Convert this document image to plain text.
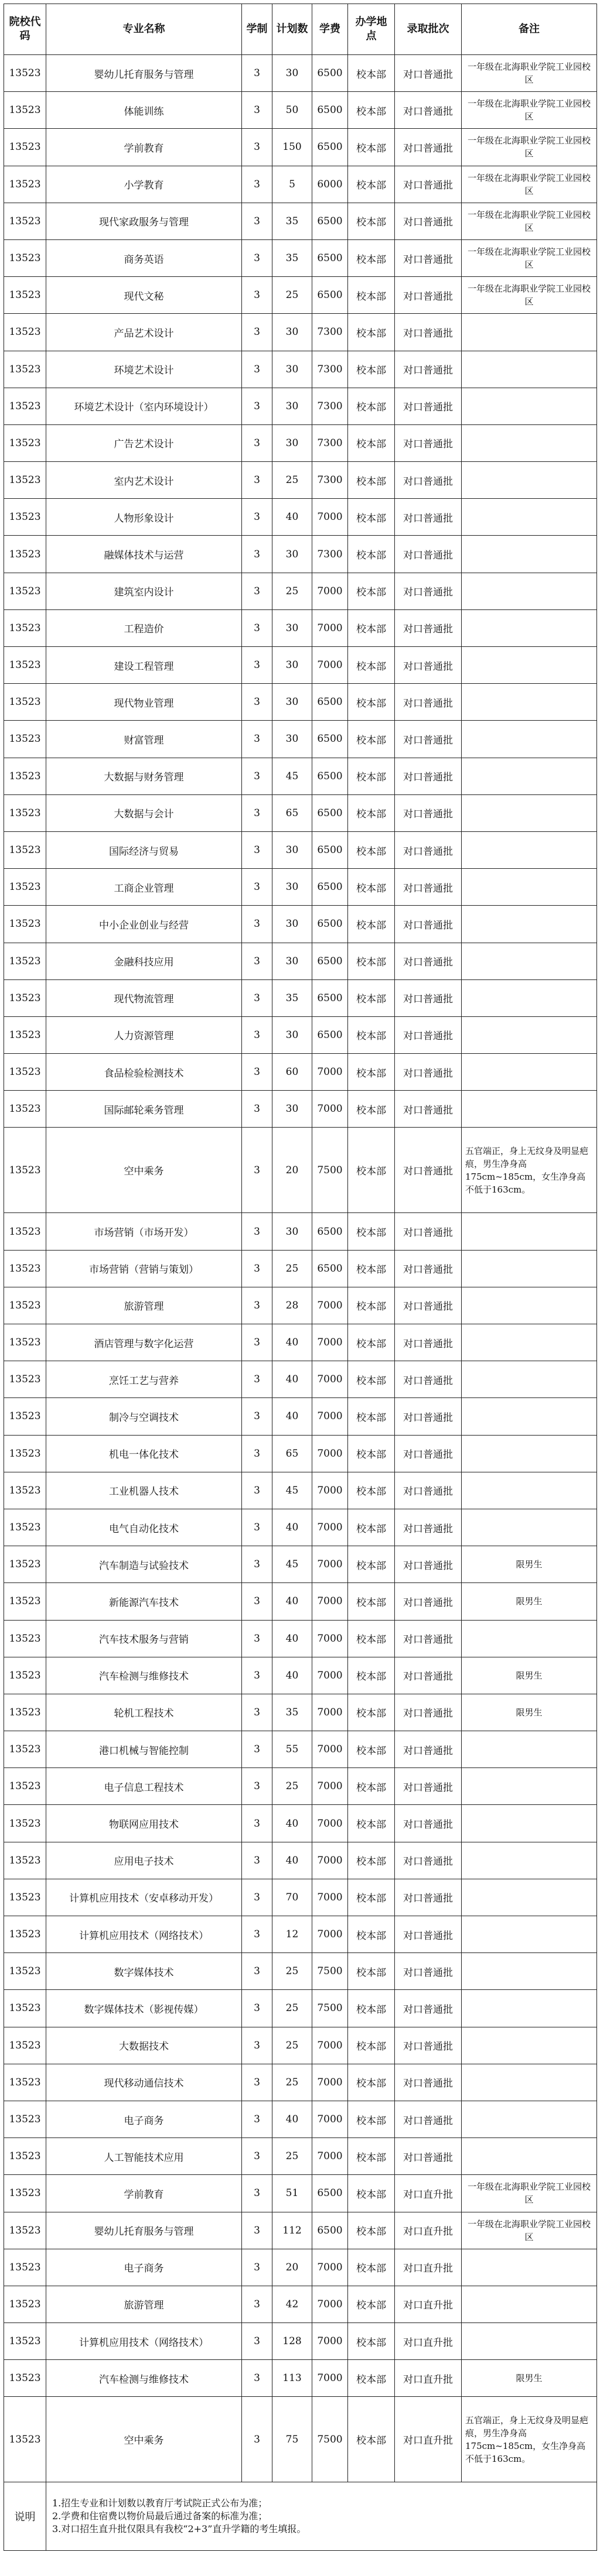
院校代码	专业名称	学制	计划数	学费	办学地点	录取批次	备注
13523	婴幼儿托育服务与管理	3	30	6500	校本部	对口普通批	一年级在北海职业学院工业园校区
13523	体能训练	3	50	6500	校本部	对口普通批	一年级在北海职业学院工业园校区
13523	学前教育	3	150	6500	校本部	对口普通批	一年级在北海职业学院工业园校区
13523	小学教育	3	5	6000	校本部	对口普通批	一年级在北海职业学院工业园校区
13523	现代家政服务与管理	3	35	6500	校本部	对口普通批	一年级在北海职业学院工业园校区
13523	商务英语	3	35	6500	校本部	对口普通批	一年级在北海职业学院工业园校区
13523	现代文秘	3	25	6500	校本部	对口普通批	一年级在北海职业学院工业园校区
13523	产品艺术设计	3	30	7300	校本部	对口普通批	
13523	环境艺术设计	3	30	7300	校本部	对口普通批	
13523	环境艺术设计（室内环境设计）	3	30	7300	校本部	对口普通批	
13523	广告艺术设计	3	30	7300	校本部	对口普通批	
13523	室内艺术设计	3	25	7300	校本部	对口普通批	
13523	人物形象设计	3	40	7000	校本部	对口普通批	
13523	融媒体技术与运营	3	30	7300	校本部	对口普通批	
13523	建筑室内设计	3	25	7000	校本部	对口普通批	
13523	工程造价	3	30	7000	校本部	对口普通批	
13523	建设工程管理	3	30	7000	校本部	对口普通批	
13523	现代物业管理	3	30	6500	校本部	对口普通批	
13523	财富管理	3	30	6500	校本部	对口普通批	
13523	大数据与财务管理	3	45	6500	校本部	对口普通批	
13523	大数据与会计	3	65	6500	校本部	对口普通批	
13523	国际经济与贸易	3	30	6500	校本部	对口普通批	
13523	工商企业管理	3	30	6500	校本部	对口普通批	
13523	中小企业创业与经营	3	30	6500	校本部	对口普通批	
13523	金融科技应用	3	30	6500	校本部	对口普通批	
13523	现代物流管理	3	35	6500	校本部	对口普通批	
13523	人力资源管理	3	30	6500	校本部	对口普通批	
13523	食品检验检测技术	3	60	7000	校本部	对口普通批	
13523	国际邮轮乘务管理	3	30	7000	校本部	对口普通批	
13523	空中乘务	3	20	7500	校本部	对口普通批	五官端正，身上无纹身及明显疤痕，男生净身高175cm~185cm，女生净身高不低于163cm。
13523	市场营销（市场开发）	3	30	6500	校本部	对口普通批	
13523	市场营销（营销与策划）	3	25	6500	校本部	对口普通批	
13523	旅游管理	3	28	7000	校本部	对口普通批	
13523	酒店管理与数字化运营	3	40	7000	校本部	对口普通批	
13523	烹饪工艺与营养	3	40	7000	校本部	对口普通批	
13523	制冷与空调技术	3	40	7000	校本部	对口普通批	
13523	机电一体化技术	3	65	7000	校本部	对口普通批	
13523	工业机器人技术	3	45	7000	校本部	对口普通批	
13523	电气自动化技术	3	40	7000	校本部	对口普通批	
13523	汽车制造与试验技术	3	45	7000	校本部	对口普通批	限男生
13523	新能源汽车技术	3	40	7000	校本部	对口普通批	限男生
13523	汽车技术服务与营销	3	40	7000	校本部	对口普通批	
13523	汽车检测与维修技术	3	40	7000	校本部	对口普通批	限男生
13523	轮机工程技术	3	35	7000	校本部	对口普通批	限男生
13523	港口机械与智能控制	3	55	7000	校本部	对口普通批	
13523	电子信息工程技术	3	25	7000	校本部	对口普通批	
13523	物联网应用技术	3	40	7000	校本部	对口普通批	
13523	应用电子技术	3	40	7000	校本部	对口普通批	
13523	计算机应用技术（安卓移动开发）	3	70	7000	校本部	对口普通批	
13523	计算机应用技术（网络技术）	3	12	7000	校本部	对口普通批	
13523	数字媒体技术	3	25	7500	校本部	对口普通批	
13523	数字媒体技术（影视传媒）	3	25	7500	校本部	对口普通批	
13523	大数据技术	3	25	7000	校本部	对口普通批	
13523	现代移动通信技术	3	25	7000	校本部	对口普通批	
13523	电子商务	3	40	7000	校本部	对口普通批	
13523	人工智能技术应用	3	25	7000	校本部	对口普通批	
13523	学前教育	3	51	6500	校本部	对口直升批	一年级在北海职业学院工业园校区
13523	婴幼儿托育服务与管理	3	112	6500	校本部	对口直升批	一年级在北海职业学院工业园校区
13523	电子商务	3	20	7000	校本部	对口直升批	
13523	旅游管理	3	42	7000	校本部	对口直升批	
13523	计算机应用技术（网络技术）	3	128	7000	校本部	对口直升批	
13523	汽车检测与维修技术	3	113	7000	校本部	对口直升批	限男生
13523	空中乘务	3	75	7500	校本部	对口直升批	五官端正，身上无纹身及明显疤痕，男生净身高175cm~185cm，女生净身高不低于163cm。
说明	1.招生专业和计划数以教育厅考试院正式公布为准；
2.学费和住宿费以物价局最后通过备案的标准为准；
3.对口招生直升批仅限具有我校“2+3”直升学籍的考生填报。						
